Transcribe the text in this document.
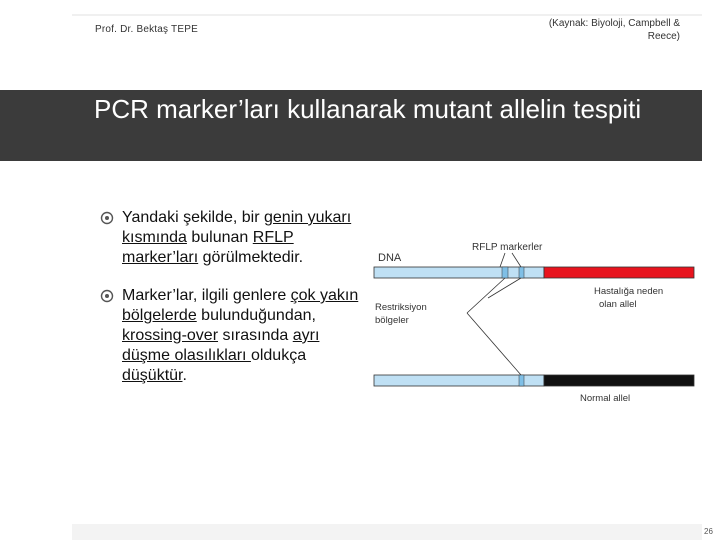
Prof. Dr. Bektaş TEPE
(Kaynak: Biyoloji, Campbell & Reece)
PCR marker’ları kullanarak mutant allelin tespiti
Yandaki şekilde, bir genin yukarı kısmında bulunan RFLP marker’ları görülmektedir.
Marker’lar, ilgili genlere çok yakın bölgelerde bulunduğundan, krossing-over sırasında ayrı düşme olasılıkları oldukça düşüktür.
DNA
RFLP markerler
Restriksiyon
bölgeler
Hastalığa neden
olan allel
Normal allel
26
